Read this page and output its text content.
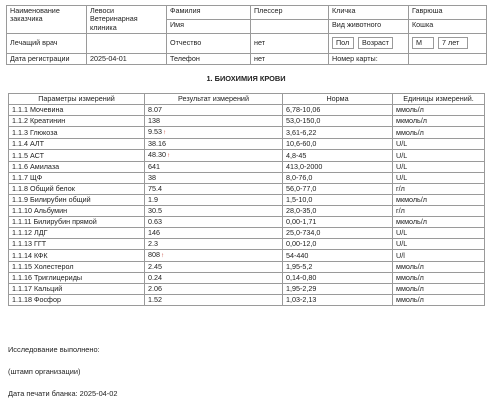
Наименование заказчика	Левоси Ветеринарная клиника	Фамилия	Плессер	Кличка	Гаврюша
		Имя		Вид животного	Кошка
Лечащий врач		Отчество	нет	Пол Возраст	М 7 лет
Дата регистрации	2025-04-01	Телефон	нет	Номер карты:	
1. БИОХИМИЯ КРОВИ
Параметры измерений	Результат измерений	Норма	Единицы измерений.
1.1.1 Мочевина	8.07	6,78-10,06	ммоль/л
1.1.2 Креатинин	138	53,0-150,0	мкмоль/л
1.1.3 Глюкоза	9.53↑	3,61-6,22	ммоль/л
1.1.4 АЛТ	38.16	10,6-60,0	U/L
1.1.5 АСТ	48.30↑	4,8-45	U/L
1.1.6 Амилаза	641	413,0-2000	U/L
1.1.7 ЩФ	38	8,0-76,0	U/L
1.1.8 Общий белок	75.4	56,0-77,0	г/л
1.1.9 Билирубин общий	1.9	1,5-10,0	мкмоль/л
1.1.10 Альбумин	30.5	28,0-35,0	г/л
1.1.11 Билирубин прямой	0.63	0,00-1,71	мкмоль/л
1.1.12 ЛДГ	146	25,0-734,0	U/L
1.1.13 ГГТ	2.3	0,00-12,0	U/L
1.1.14 КФК	808↑	54-440	U/l
1.1.15 Холестерол	2.45	1,95-5,2	ммоль/л
1.1.16 Триглицериды	0.24	0,14-0,80	ммоль/л
1.1.17 Кальций	2.06	1,95-2,29	ммоль/л
1.1.18 Фосфор	1.52	1,03-2,13	ммоль/л
Исследование выполнено:
(штамп организации)
Дата печати бланка: 2025-04-02
